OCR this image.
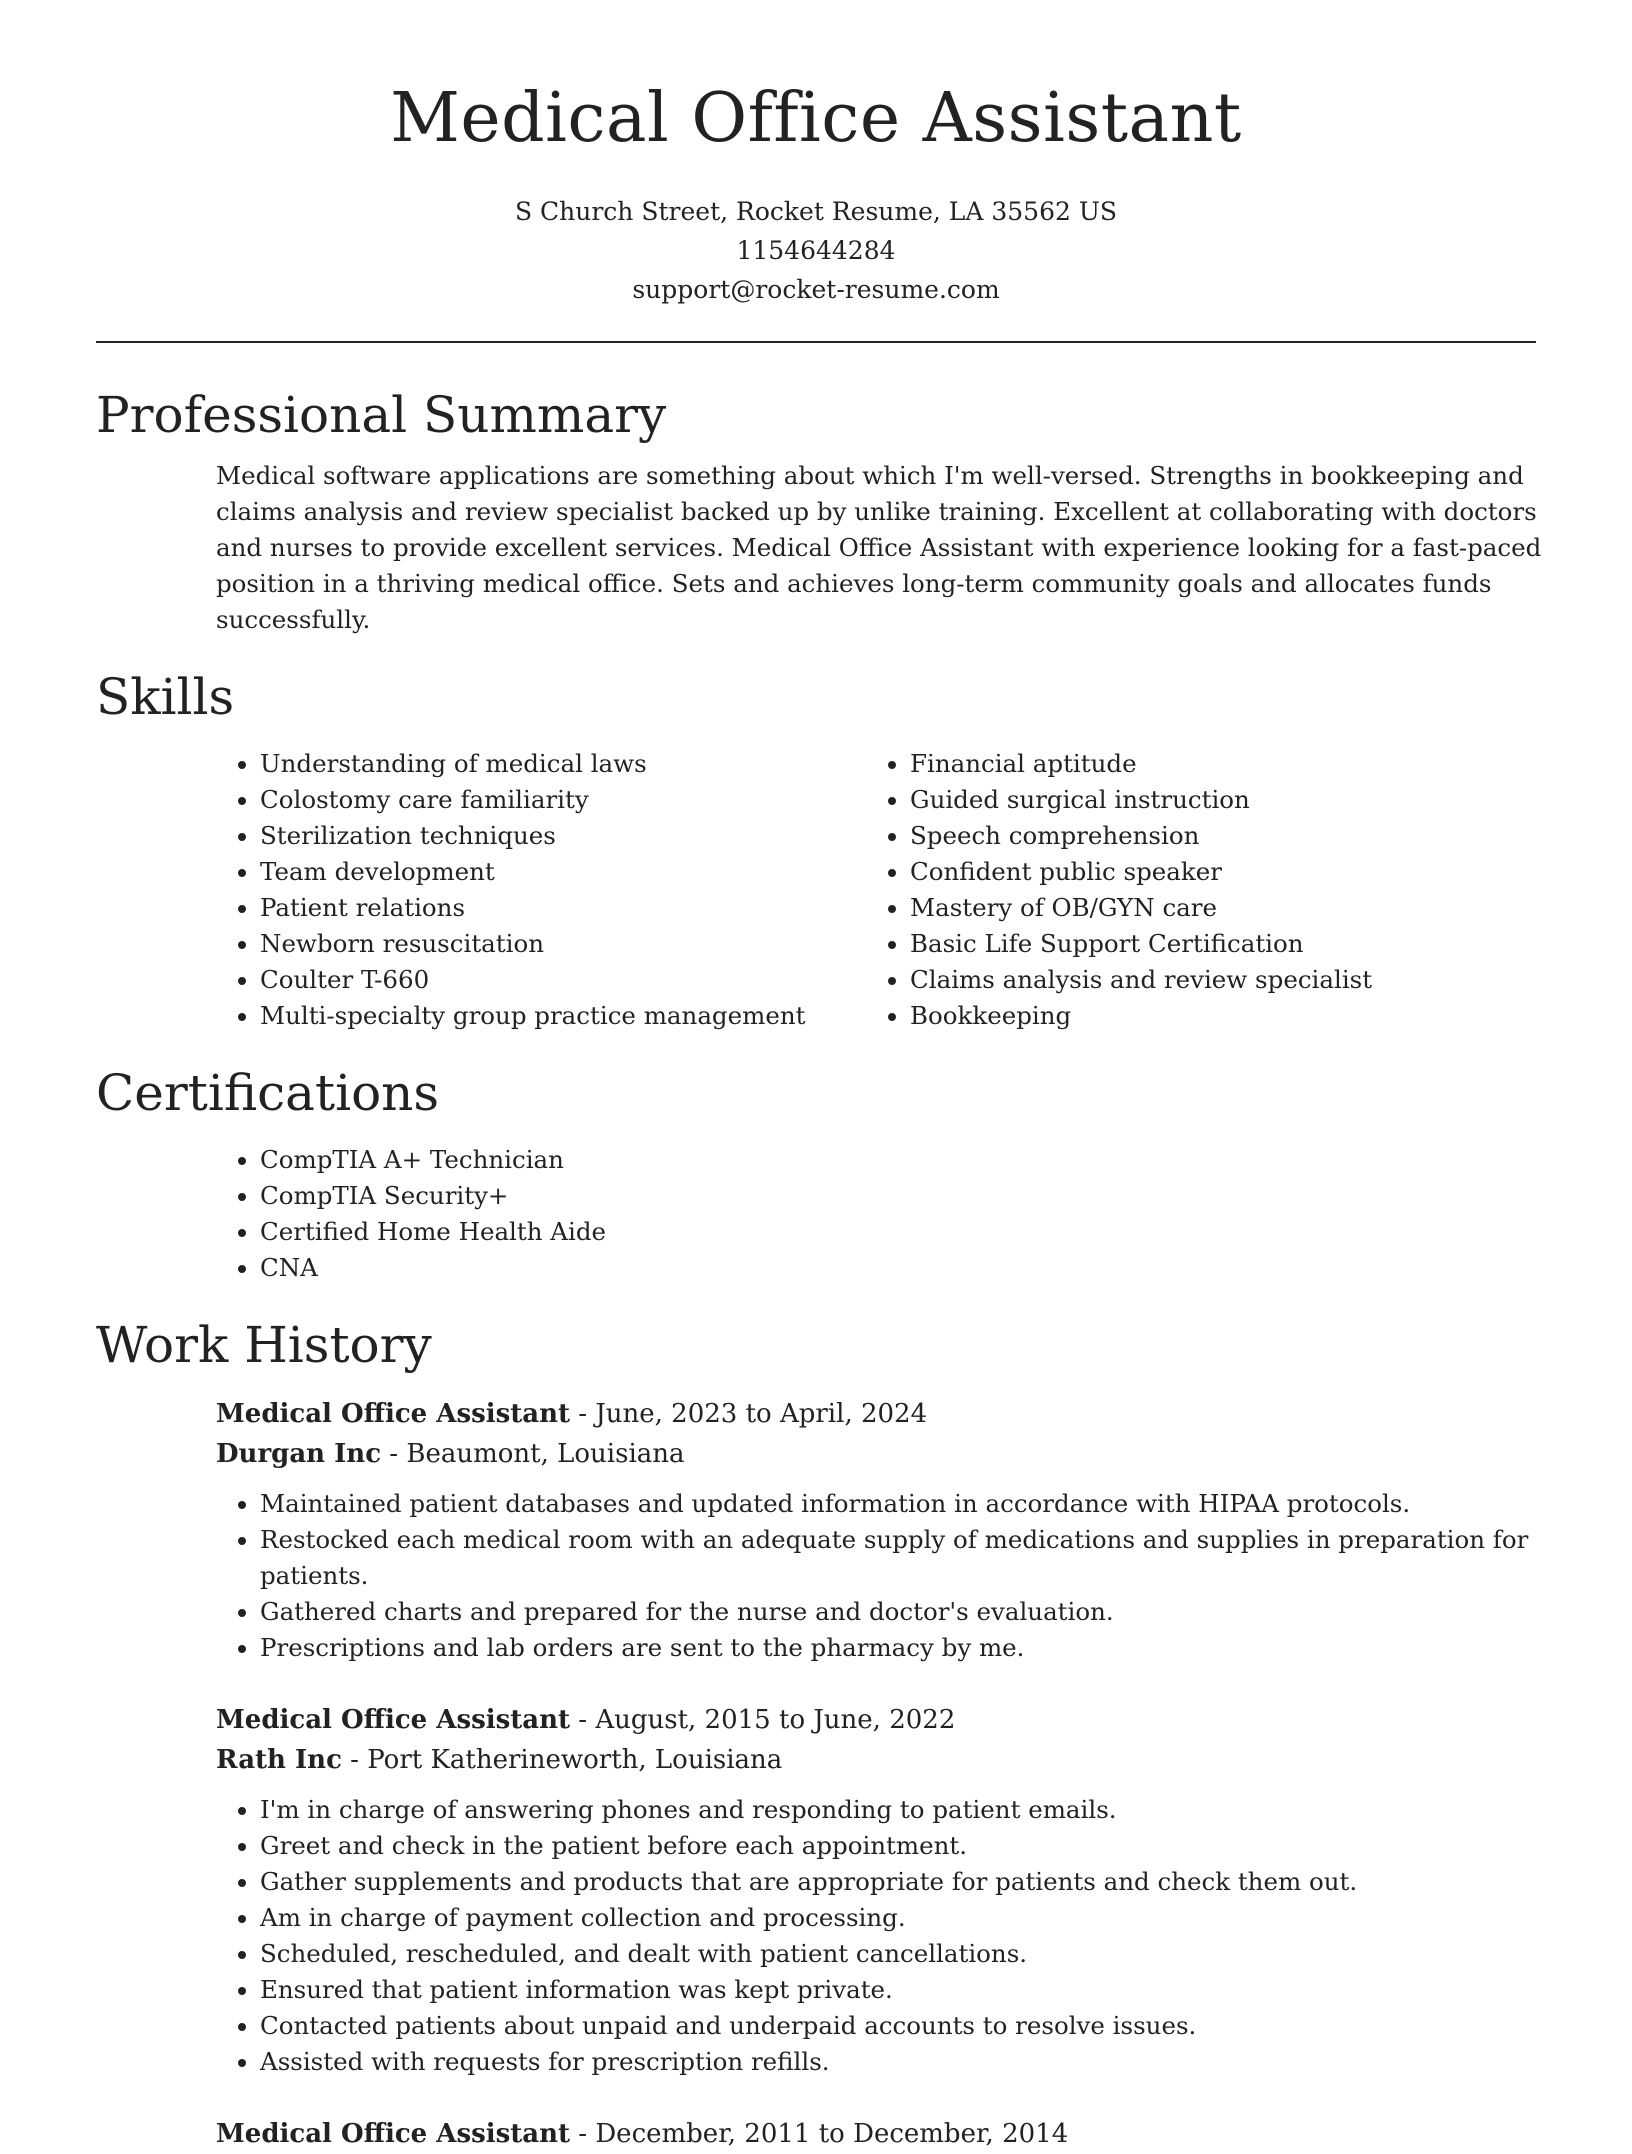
Medical Office Assistant
S Church Street, Rocket Resume, LA 35562 US
1154644284
support@rocket-resume.com
Professional Summary

Medical software applications are something about which I'm well-versed. Strengths in bookkeeping and claims analysis and review specialist backed up by unlike training. Excellent at collaborating with doctors and nurses to provide excellent services. Medical Office Assistant with experience looking for a fast-paced position in a thriving medical office. Sets and achieves long-term community goals and allocates funds successfully.

Skills
• Understanding of medical laws
• Colostomy care familiarity
• Sterilization techniques
• Team development
• Patient relations
• Newborn resuscitation
• Coulter T-660
• Multi-specialty group practice management
• Financial aptitude
• Guided surgical instruction
• Speech comprehension
• Confident public speaker
• Mastery of OB/GYN care
• Basic Life Support Certification
• Claims analysis and review specialist
• Bookkeeping
Certifications
• CompTIA A+ Technician
• CompTIA Security+
• Certified Home Health Aide
• CNA
Work History
Medical Office Assistant - June, 2023 to April, 2024
Durgan Inc - Beaumont, Louisiana
• Maintained patient databases and updated information in accordance with HIPAA protocols.
• Restocked each medical room with an adequate supply of medications and supplies in preparation for patients.
• Gathered charts and prepared for the nurse and doctor's evaluation.
• Prescriptions and lab orders are sent to the pharmacy by me.
Medical Office Assistant - August, 2015 to June, 2022
Rath Inc - Port Katherineworth, Louisiana
• I'm in charge of answering phones and responding to patient emails.
• Greet and check in the patient before each appointment.
• Gather supplements and products that are appropriate for patients and check them out.
• Am in charge of payment collection and processing.
• Scheduled, rescheduled, and dealt with patient cancellations.
• Ensured that patient information was kept private.
• Contacted patients about unpaid and underpaid accounts to resolve issues.
• Assisted with requests for prescription refills.
Medical Office Assistant - December, 2011 to December, 2014
